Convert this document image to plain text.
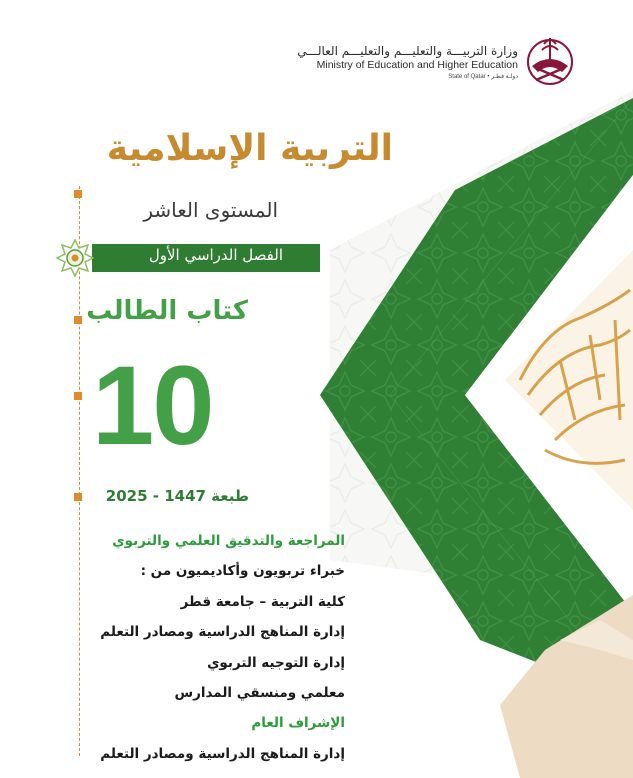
وزارة التربيـــة والتعليـــم والتعليـــم العالـــي
Ministry of Education and Higher Education
State of Qatar • دولـة قطـر
التربية الإسلامية
المستوى العاشر
الفصل الدراسي الأول
كتاب الطالب
10
طبعة 1447 - 2025
المراجعة والتدقيق العلمي والتربوي
خبراء تربويون وأكاديميون من :
كلية التربية – جامعة قطر
إدارة المناهج الدراسية ومصادر التعلم
إدارة التوجيه التربوي
معلمي ومنسقي المدارس
الإشراف العام
إدارة المناهج الدراسية ومصادر التعلم
